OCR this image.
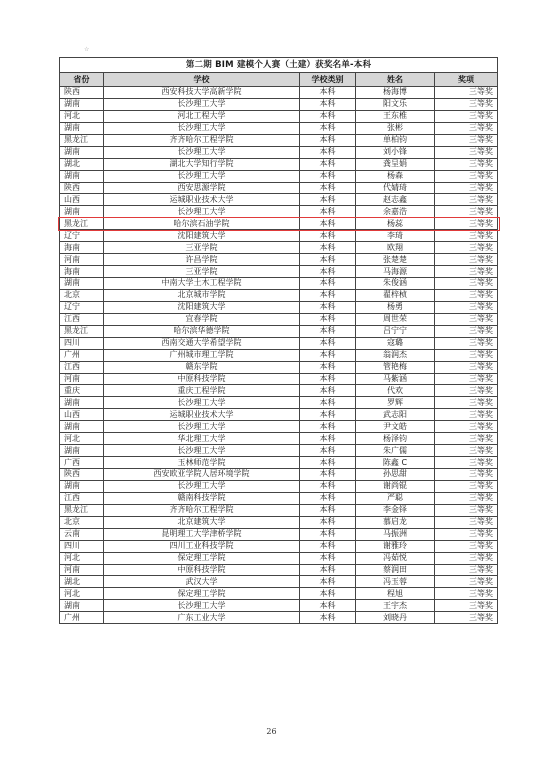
☆
第二期 BIM 建模个人赛（土建）获奖名单-本科				
省份	学校	学校类别	姓名	奖项
陕西	西安科技大学高新学院	本科	杨海博	三等奖
湖南	长沙理工大学	本科	阳文乐	三等奖
河北	河北工程大学	本科	王东椎	三等奖
湖南	长沙理工大学	本科	张彬	三等奖
黑龙江	齐齐哈尔工程学院	本科	单柏钧	三等奖
湖南	长沙理工大学	本科	刘小锋	三等奖
湖北	湖北大学知行学院	本科	龚呈娟	三等奖
湖南	长沙理工大学	本科	杨森	三等奖
陕西	西安思源学院	本科	代婧琦	三等奖
山西	运城职业技术大学	本科	赵志鑫	三等奖
湖南	长沙理工大学	本科	余嘉浩	三等奖
黑龙江	哈尔滨石油学院	本科	杨蕊	三等奖
辽宁	沈阳建筑大学	本科	李琦	三等奖
海南	三亚学院	本科	欧翔	三等奖
河南	许昌学院	本科	张楚楚	三等奖
海南	三亚学院	本科	马海源	三等奖
湖南	中南大学土木工程学院	本科	朱俊涵	三等奖
北京	北京城市学院	本科	翟梓桢	三等奖
辽宁	沈阳建筑大学	本科	杨勇	三等奖
江西	宜春学院	本科	周世荣	三等奖
黑龙江	哈尔滨华德学院	本科	吕宁宁	三等奖
四川	西南交通大学希望学院	本科	寇璐	三等奖
广州	广州城市理工学院	本科	翁润杰	三等奖
江西	赣东学院	本科	管艳梅	三等奖
河南	中原科技学院	本科	马紫涵	三等奖
重庆	重庆工程学院	本科	代欢	三等奖
湖南	长沙理工大学	本科	罗辉	三等奖
山西	运城职业技术大学	本科	武志阳	三等奖
湖南	长沙理工大学	本科	尹文皓	三等奖
河北	华北理工大学	本科	杨泽钧	三等奖
湖南	长沙理工大学	本科	朱广儒	三等奖
广西	玉林师范学院	本科	陈鑫 C	三等奖
陕西	西安欧亚学院人居环境学院	本科	孙思甜	三等奖
湖南	长沙理工大学	本科	谢尚锟	三等奖
江西	赣南科技学院	本科	严聪	三等奖
黑龙江	齐齐哈尔工程学院	本科	李金铎	三等奖
北京	北京建筑大学	本科	慕启龙	三等奖
云南	昆明理工大学津桥学院	本科	马振洲	三等奖
四川	四川工业科技学院	本科	谢雅玲	三等奖
河北	保定理工学院	本科	冯茹悦	三等奖
河南	中原科技学院	本科	蔡润田	三等奖
湖北	武汉大学	本科	冯玉蓉	三等奖
河北	保定理工学院	本科	程旭	三等奖
湖南	长沙理工大学	本科	王宇杰	三等奖
广州	广东工业大学	本科	刘晓丹	三等奖
26
